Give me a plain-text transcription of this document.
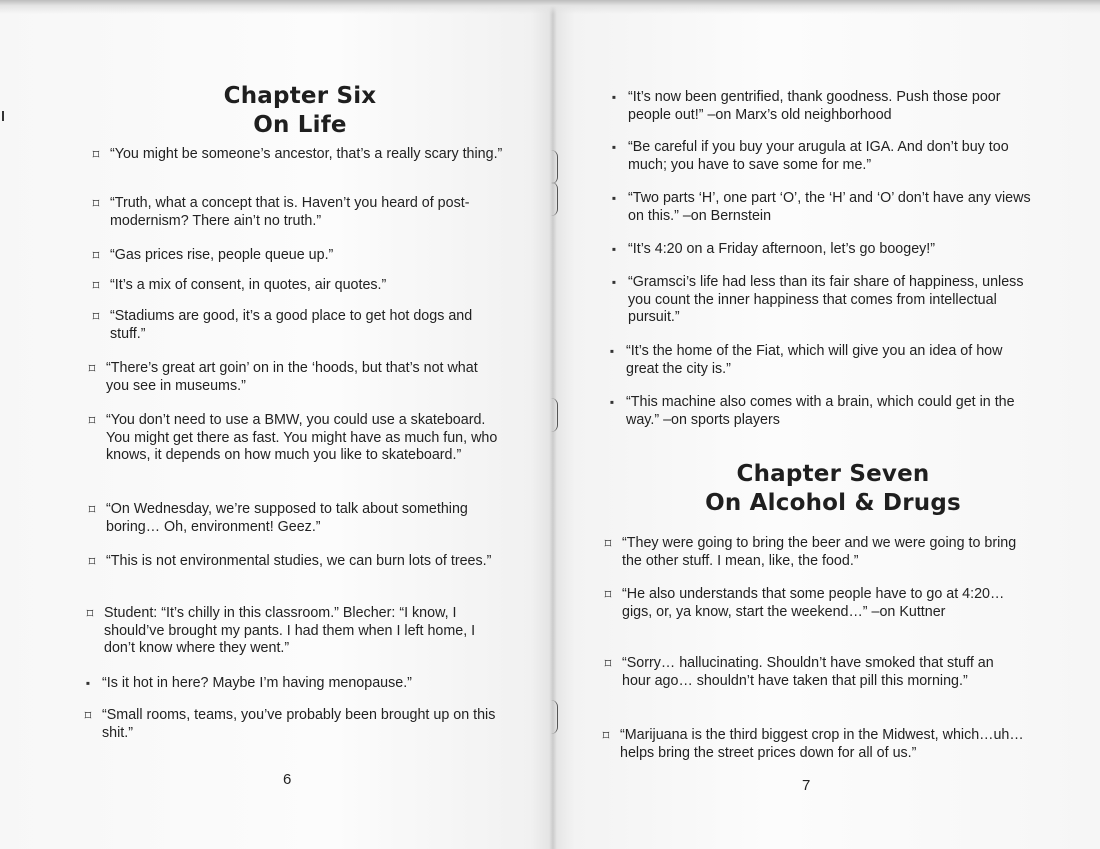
Chapter Six
On Life
⌑ “You might be someone’s ancestor, that’s a really scary thing.”
⌑ “Truth, what a concept that is. Haven’t you heard of post-modernism? There ain’t no truth.”
⌑ “Gas prices rise, people queue up.”
⌑ “It’s a mix of consent, in quotes, air quotes.”
⌑ “Stadiums are good, it’s a good place to get hot dogs and stuff.”
⌑ “There’s great art goin’ on in the ‘hoods, but that’s not what you see in museums.”
⌑ “You don’t need to use a BMW, you could use a skateboard. You might get there as fast. You might have as much fun, who knows, it depends on how much you like to skateboard.”
⌑ “On Wednesday, we’re supposed to talk about something boring… Oh, environment! Geez.”
⌑ “This is not environmental studies, we can burn lots of trees.”
⌑ Student: “It’s chilly in this classroom.” Blecher: “I know, I should’ve brought my pants. I had them when I left home, I don’t know where they went.”
▪ “Is it hot in here? Maybe I’m having menopause.”
⌑ “Small rooms, teams, you’ve probably been brought up on this shit.”
6
▪ “It’s now been gentrified, thank goodness. Push those poor people out!” –on Marx’s old neighborhood
▪ “Be careful if you buy your arugula at IGA. And don’t buy too much; you have to save some for me.”
▪ “Two parts ‘H’, one part ‘O’, the ‘H’ and ‘O’ don’t have any views on this.” –on Bernstein
▪ “It’s 4:20 on a Friday afternoon, let’s go boogey!”
▪ “Gramsci’s life had less than its fair share of happiness, unless you count the inner happiness that comes from intellectual pursuit.”
▪ “It’s the home of the Fiat, which will give you an idea of how great the city is.”
▪ “This machine also comes with a brain, which could get in the way.” –on sports players
Chapter Seven
On Alcohol & Drugs
⌑ “They were going to bring the beer and we were going to bring the other stuff. I mean, like, the food.”
⌑ “He also understands that some people have to go at 4:20… gigs, or, ya know, start the weekend…” –on Kuttner
⌑ “Sorry… hallucinating. Shouldn’t have smoked that stuff an hour ago… shouldn’t have taken that pill this morning.”
⌑ “Marijuana is the third biggest crop in the Midwest, which…uh… helps bring the street prices down for all of us.”
7
